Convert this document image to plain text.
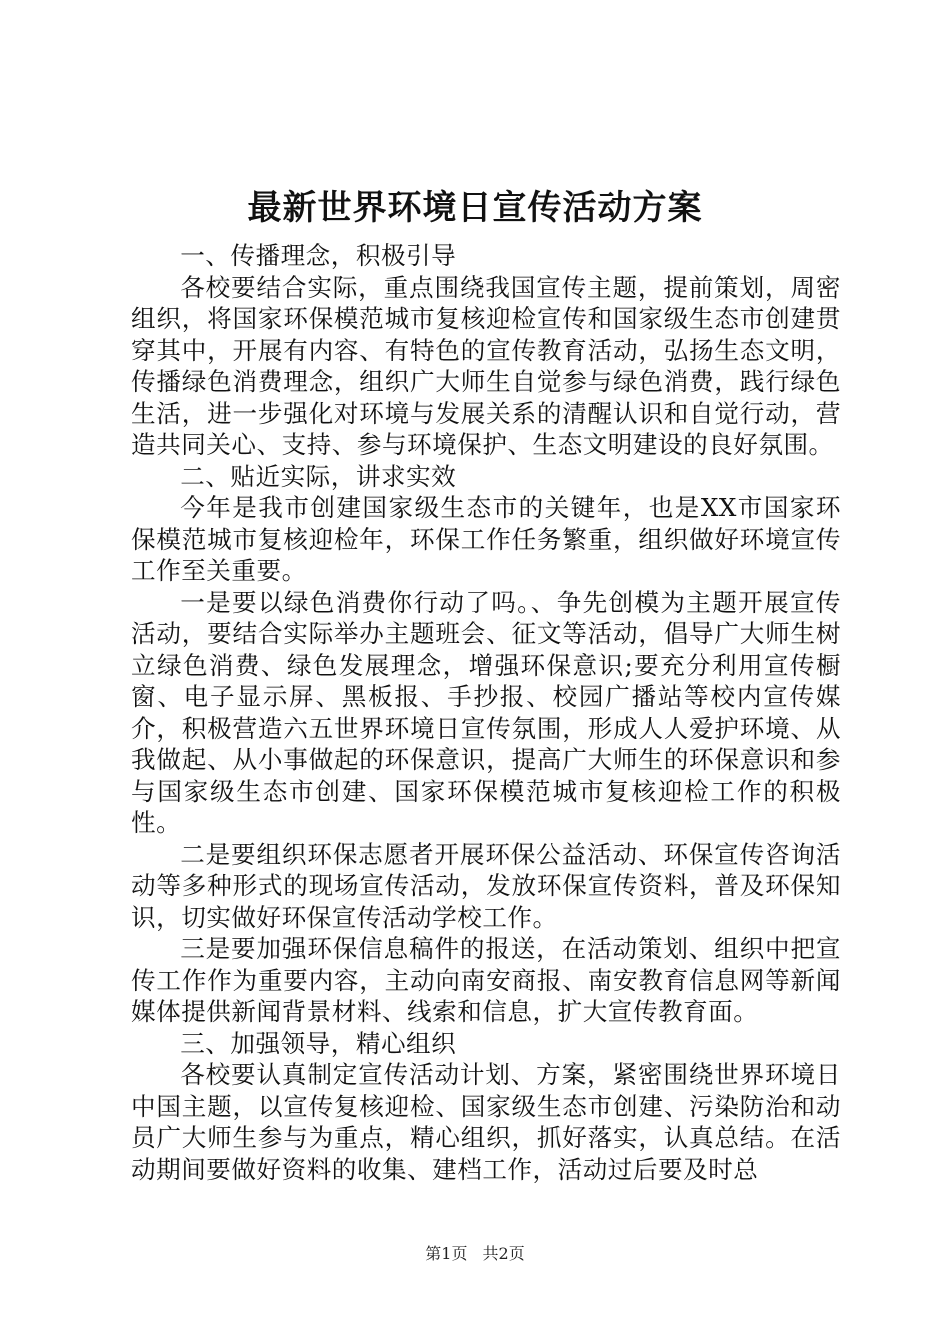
最新世界环境日宣传活动方案

一、传播理念，积极引导

各校要结合实际，重点围绕我国宣传主题，提前策划，周密组织，将国家环保模范城市复核迎检宣传和国家级生态市创建贯穿其中，开展有内容、有特色的宣传教育活动，弘扬生态文明，传播绿色消费理念，组织广大师生自觉参与绿色消费，践行绿色生活，进一步强化对环境与发展关系的清醒认识和自觉行动，营造共同关心、支持、参与环境保护、生态文明建设的良好氛围。

二、贴近实际，讲求实效

今年是我市创建国家级生态市的关键年，也是XX市国家环保模范城市复核迎检年，环保工作任务繁重，组织做好环境宣传工作至关重要。

一是要以绿色消费你行动了吗。、争先创模为主题开展宣传活动，要结合实际举办主题班会、征文等活动，倡导广大师生树立绿色消费、绿色发展理念，增强环保意识;要充分利用宣传橱窗、电子显示屏、黑板报、手抄报、校园广播站等校内宣传媒介，积极营造六五世界环境日宣传氛围，形成人人爱护环境、从我做起、从小事做起的环保意识，提高广大师生的环保意识和参与国家级生态市创建、国家环保模范城市复核迎检工作的积极性。

二是要组织环保志愿者开展环保公益活动、环保宣传咨询活动等多种形式的现场宣传活动，发放环保宣传资料，普及环保知识，切实做好环保宣传活动学校工作。

三是要加强环保信息稿件的报送，在活动策划、组织中把宣传工作作为重要内容，主动向南安商报、南安教育信息网等新闻媒体提供新闻背景材料、线索和信息，扩大宣传教育面。

三、加强领导，精心组织

各校要认真制定宣传活动计划、方案，紧密围绕世界环境日中国主题，以宣传复核迎检、国家级生态市创建、污染防治和动员广大师生参与为重点，精心组织，抓好落实，认真总结。在活动期间要做好资料的收集、建档工作，活动过后要及时总

第1页 共2页
